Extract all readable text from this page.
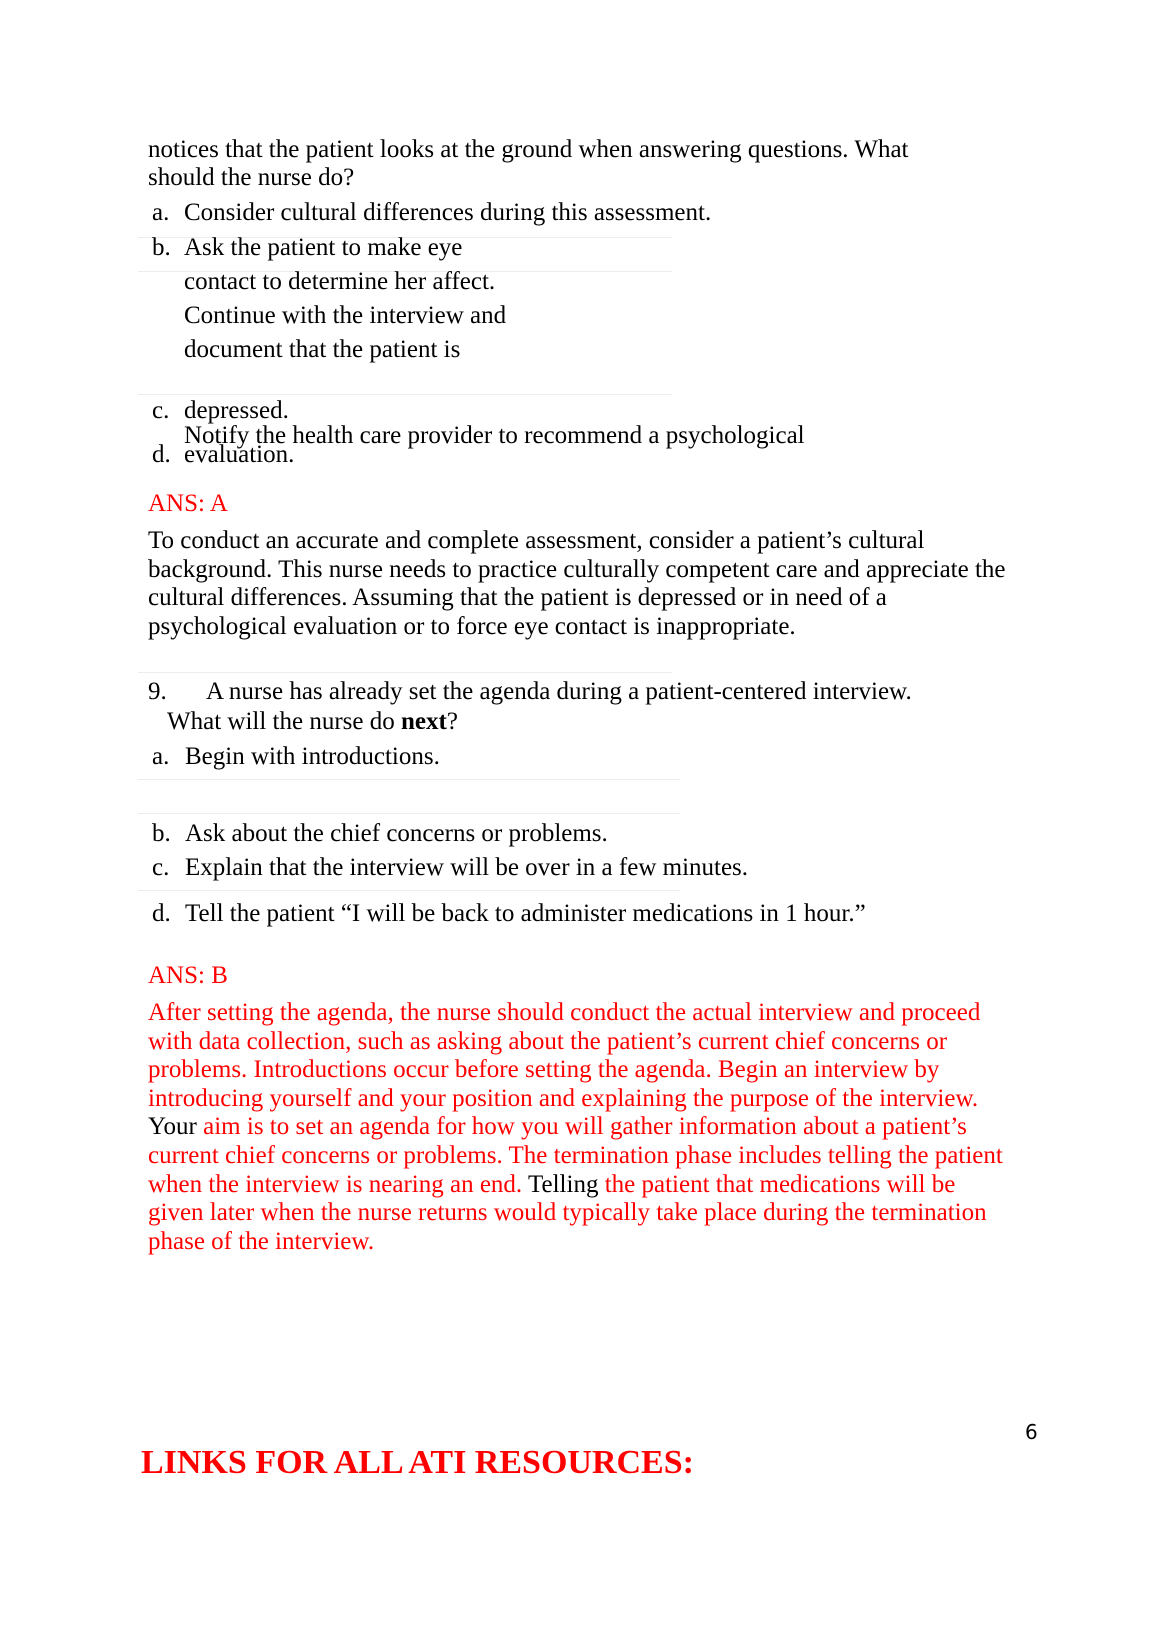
notices that the patient looks at the ground when answering questions. What
should the nurse do?
a. Consider cultural differences during this assessment.
b. Ask the patient to make eye
contact to determine her affect.
Continue with the interview and
document that the patient is
c. depressed.
Notify the health care provider to recommend a psychological
d. evaluation.
ANS: A
To conduct an accurate and complete assessment, consider a patient’s cultural background. This nurse needs to practice culturally competent care and appreciate the cultural differences. Assuming that the patient is depressed or in need of a psychological evaluation or to force eye contact is inappropriate.
9. A nurse has already set the agenda during a patient-centered interview.
What will the nurse do next?
a. Begin with introductions.
b. Ask about the chief concerns or problems.
c. Explain that the interview will be over in a few minutes.
d. Tell the patient “I will be back to administer medications in 1 hour.”
ANS: B
After setting the agenda, the nurse should conduct the actual interview and proceed with data collection, such as asking about the patient’s current chief concerns or problems. Introductions occur before setting the agenda. Begin an interview by introducing yourself and your position and explaining the purpose of the interview. Your aim is to set an agenda for how you will gather information about a patient’s current chief concerns or problems. The termination phase includes telling the patient when the interview is nearing an end. Telling the patient that medications will be given later when the nurse returns would typically take place during the termination phase of the interview.
6
LINKS FOR ALL ATI RESOURCES:
